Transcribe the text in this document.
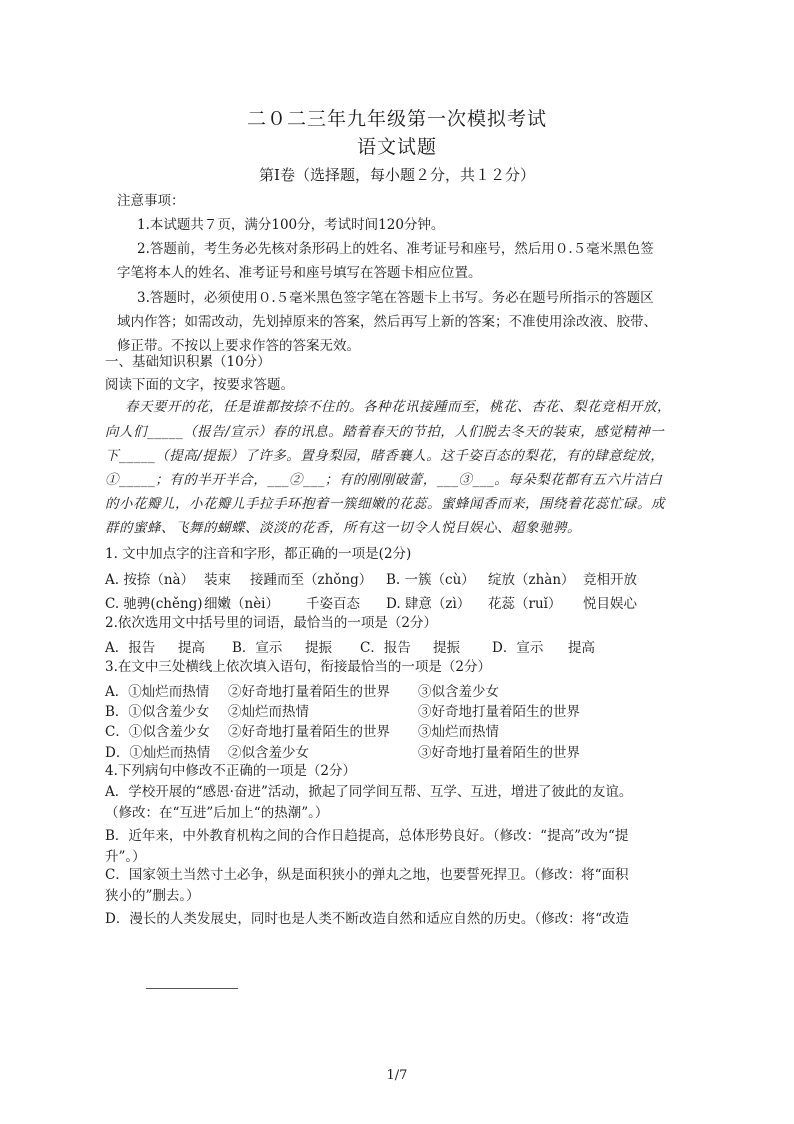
二０二三年九年级第一次模拟考试
语文试题
第Ⅰ卷（选择题，每小题２分，共１２分）
注意事项：
1.本试题共７页，满分100分，考试时间120分钟。
2.答题前，考生务必先核对条形码上的姓名、准考证号和座号，然后用０.５毫米黑色签
字笔将本人的姓名、准考证号和座号填写在答题卡相应位置。
3.答题时，必须使用０.５毫米黑色签字笔在答题卡上书写。务必在题号所指示的答题区
域内作答；如需改动，先划掉原来的答案，然后再写上新的答案；不准使用涂改液、胶带、
修正带。不按以上要求作答的答案无效。
一、基础知识积累（10分）
阅读下面的文字，按要求答题。
春天要开的花，任是谁都按捺不住的。各种花讯接踵而至，桃花、杏花、梨花竞相开放，
向人们_____（报告/宣示）春的讯息。踏着春天的节拍，人们脱去冬天的装束，感觉精神一
下_____（提高/提振）了许多。置身梨园，睹香襄人。这千姿百态的梨花，有的肆意绽放，
①_____；有的半开半合，___②___；有的刚刚破蕾，___③___。每朵梨花都有五六片洁白
的小花瓣儿，小花瓣儿手拉手环抱着一簇细嫩的花蕊。蜜蜂闻香而来，围绕着花蕊忙碌。成
群的蜜蜂、飞舞的蝴蝶、淡淡的花香，所有这一切令人悦目娱心、超象驰骋。
1. 文中加点字的注音和字形，都正确的一项是(2分)
A. 按捺（nà） 装束 接踵而至（zhǒng） B. 一簇（cù） 绽放（zhàn） 竞相开放
C. 驰骋(chěng) 细嫩（nèi） 千姿百态 D. 肆意（zì） 花蕊（ruǐ） 悦目娱心
2.依次选用文中括号里的词语，最恰当的一项是（2分）
A．报告 提高 B．宣示 提振 C．报告 提振 D．宣示 提高
3.在文中三处横线上依次填入语句，衔接最恰当的一项是（2分）
A．①灿烂而热情 ②好奇地打量着陌生的世界 ③似含羞少女
B．①似含羞少女 ②灿烂而热情	③好奇地打量着陌生的世界
C．①似含羞少女 ②好奇地打量着陌生的世界 ③灿烂而热情
D．①灿烂而热情 ②似含羞少女	③好奇地打量着陌生的世界
4.下列病句中修改不正确的一项是（2分）
A．学校开展的“感恩·奋进”活动，掀起了同学间互帮、互学、互进，增进了彼此的友谊。
（修改：在“互进”后加上“的热潮”。）
B．近年来，中外教育机构之间的合作日趋提高，总体形势良好。（修改：“提高”改为“提
升”。）
C．国家领土当然寸土必争，纵是面积狭小的弹丸之地，也要誓死捍卫。（修改：将“面积
狭小的”删去。）
D．漫长的人类发展史，同时也是人类不断改造自然和适应自然的历史。（修改：将“改造
1/7
